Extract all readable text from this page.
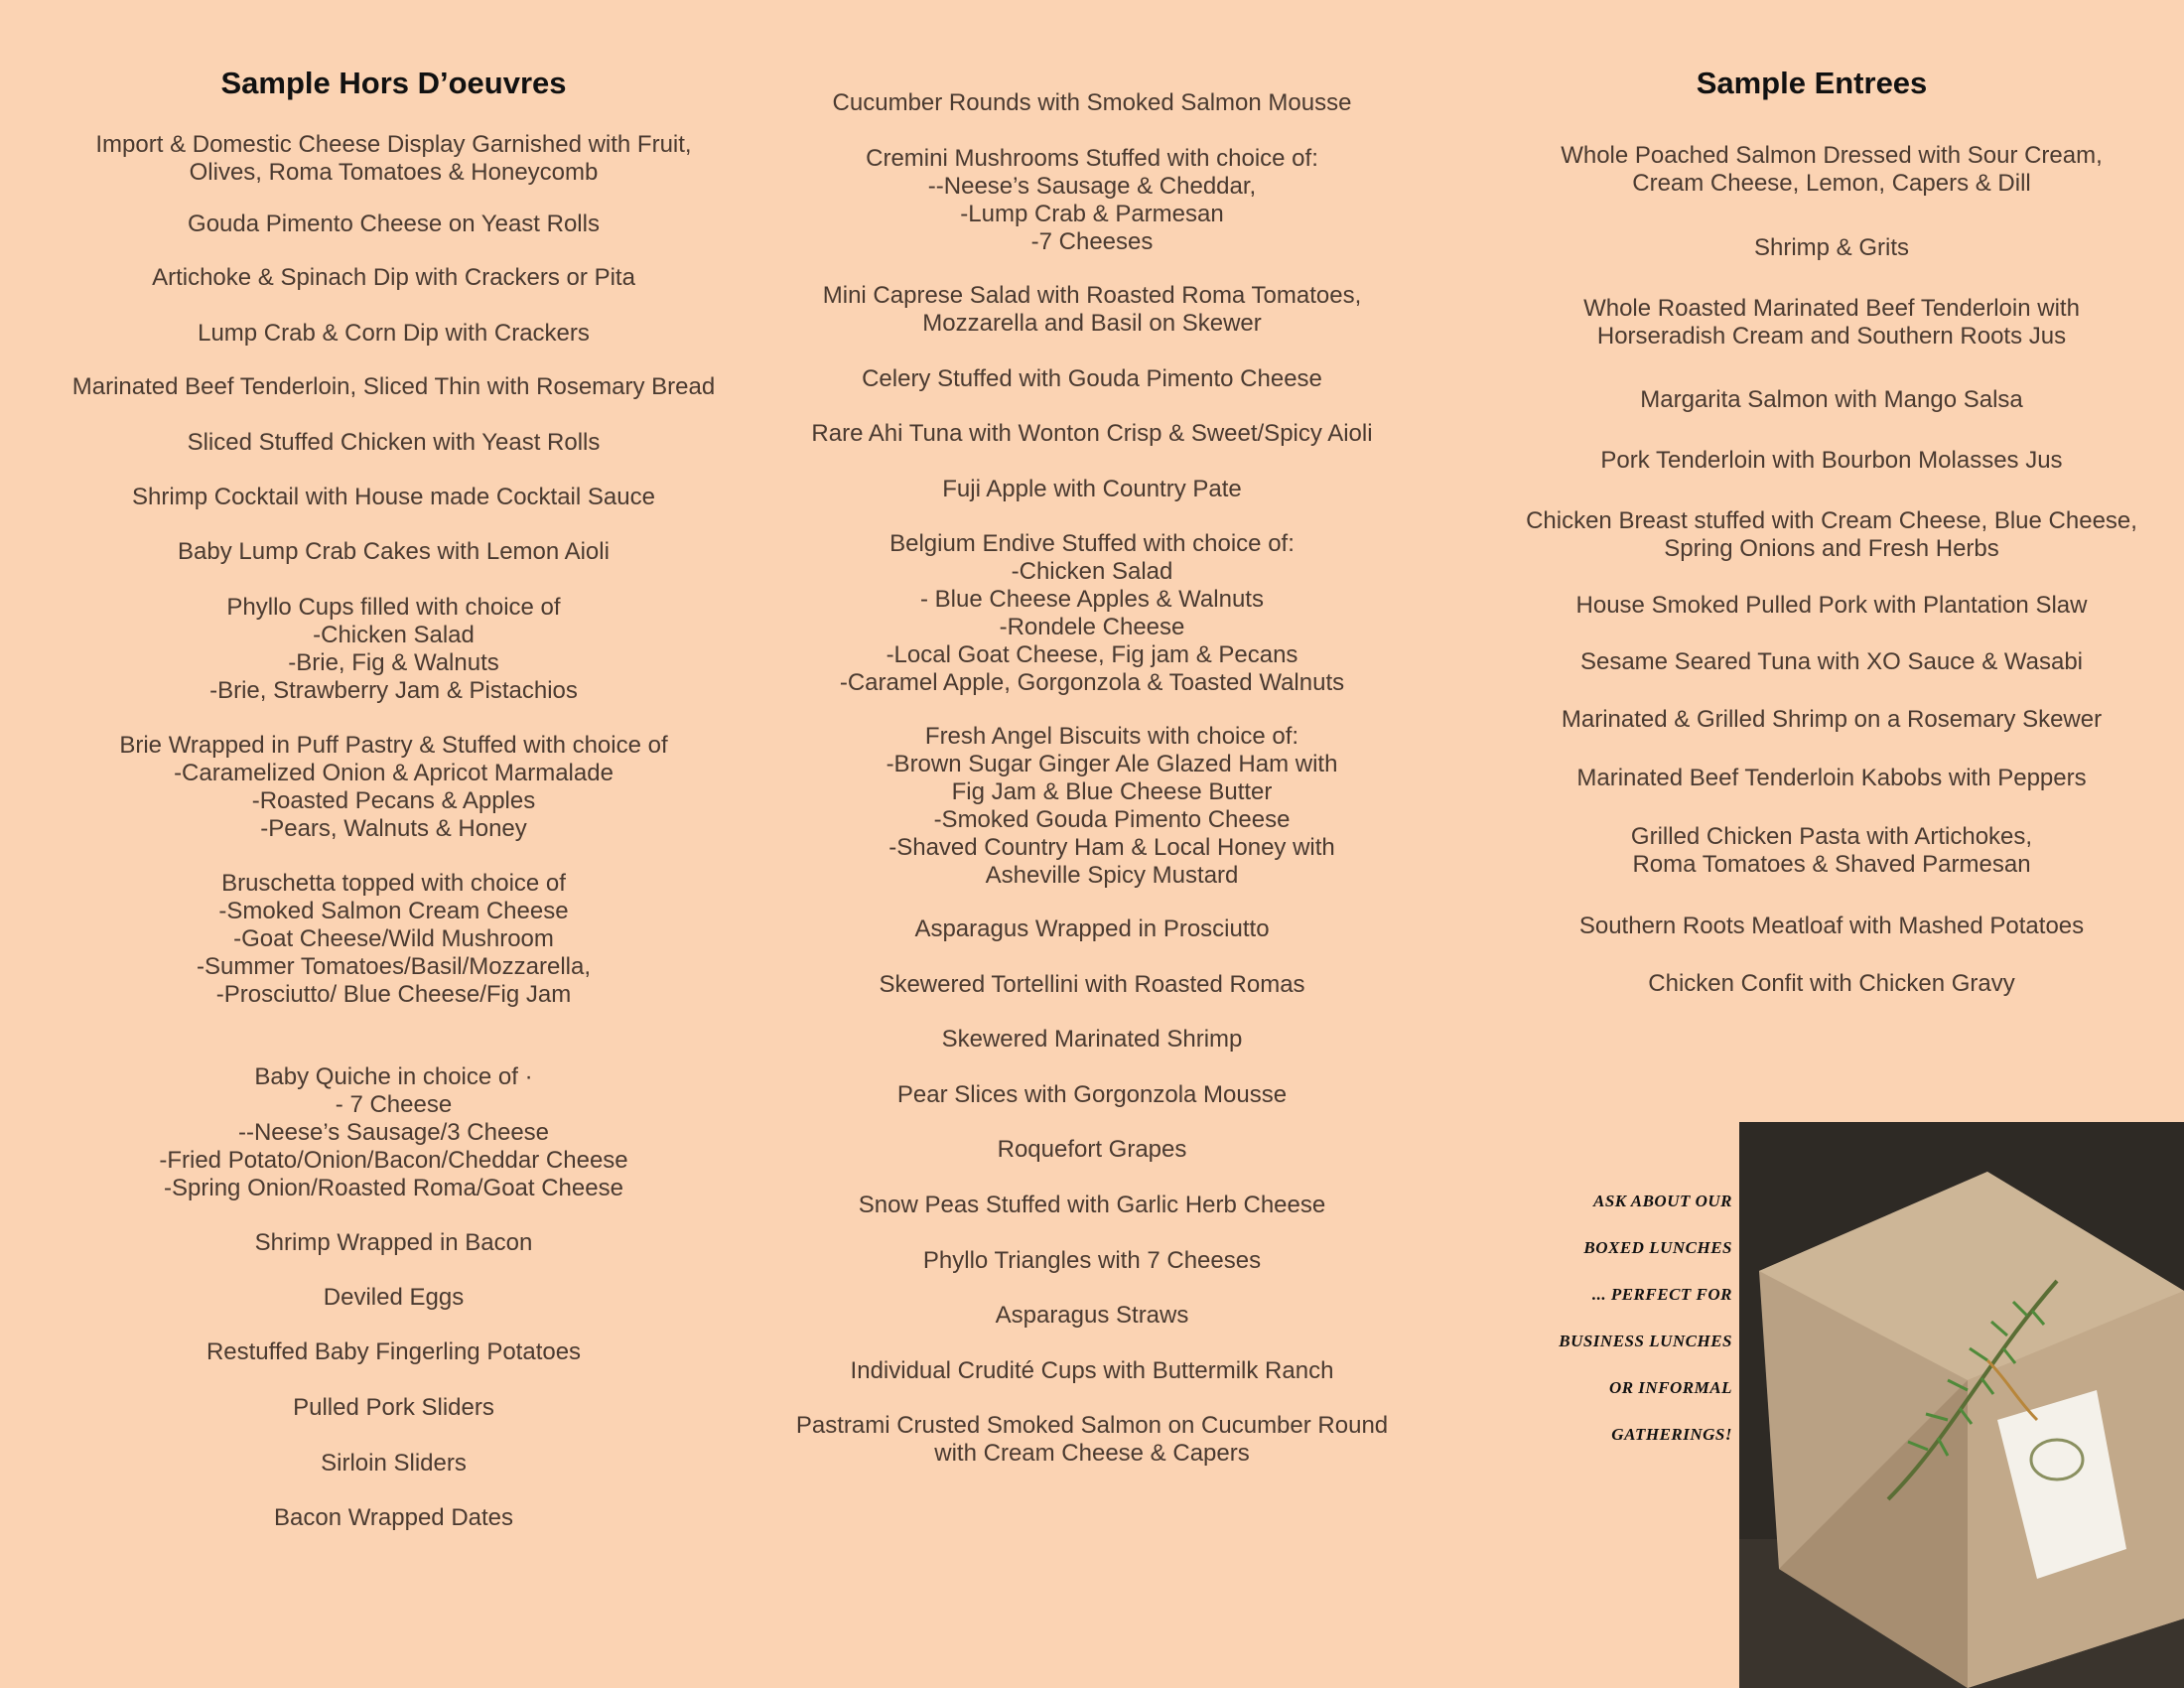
Sample Hors D’oeuvres
Import & Domestic Cheese Display Garnished with Fruit,
Olives, Roma Tomatoes & Honeycomb
Gouda Pimento Cheese on Yeast Rolls
Artichoke & Spinach Dip with Crackers or Pita
Lump Crab & Corn Dip with Crackers
Marinated Beef Tenderloin, Sliced Thin with Rosemary Bread
Sliced Stuffed Chicken with Yeast Rolls
Shrimp Cocktail with House made Cocktail Sauce
Baby Lump Crab Cakes with Lemon Aioli
Phyllo Cups filled with choice of
-Chicken Salad
-Brie, Fig & Walnuts
-Brie, Strawberry Jam & Pistachios
Brie Wrapped in Puff Pastry & Stuffed with choice of
-Caramelized Onion & Apricot Marmalade
-Roasted Pecans & Apples
-Pears, Walnuts & Honey
Bruschetta topped with choice of
-Smoked Salmon Cream Cheese
-Goat Cheese/Wild Mushroom
-Summer Tomatoes/Basil/Mozzarella,
-Prosciutto/ Blue Cheese/Fig Jam
Baby Quiche in choice of ·
- 7 Cheese
--Neese’s Sausage/3 Cheese
-Fried Potato/Onion/Bacon/Cheddar Cheese
-Spring Onion/Roasted Roma/Goat Cheese
Shrimp Wrapped in Bacon
Deviled Eggs
Restuffed Baby Fingerling Potatoes
Pulled Pork Sliders
Sirloin Sliders
Bacon Wrapped Dates
Cucumber Rounds with Smoked Salmon Mousse
Cremini Mushrooms Stuffed with choice of:
--Neese’s Sausage & Cheddar,
-Lump Crab & Parmesan
-7 Cheeses
Mini Caprese Salad with Roasted Roma Tomatoes,
Mozzarella and Basil on Skewer
Celery Stuffed with Gouda Pimento Cheese
Rare Ahi Tuna with Wonton Crisp & Sweet/Spicy Aioli
Fuji Apple with Country Pate
Belgium Endive Stuffed with choice of:
-Chicken Salad
- Blue Cheese Apples & Walnuts
-Rondele Cheese
-Local Goat Cheese, Fig jam & Pecans
-Caramel Apple, Gorgonzola & Toasted Walnuts
Fresh Angel Biscuits with choice of:
-Brown Sugar Ginger Ale Glazed Ham with
Fig Jam & Blue Cheese Butter
-Smoked Gouda Pimento Cheese
-Shaved Country Ham & Local Honey with
Asheville Spicy Mustard
Asparagus Wrapped in Prosciutto
Skewered Tortellini with Roasted Romas
Skewered Marinated Shrimp
Pear Slices with Gorgonzola Mousse
Roquefort Grapes
Snow Peas Stuffed with Garlic Herb Cheese
Phyllo Triangles with 7 Cheeses
Asparagus Straws
Individual Crudité Cups with Buttermilk Ranch
Pastrami Crusted Smoked Salmon on Cucumber Round
with Cream Cheese & Capers
Sample Entrees
Whole Poached Salmon Dressed with Sour Cream,
Cream Cheese, Lemon, Capers & Dill
Shrimp & Grits
Whole Roasted Marinated Beef Tenderloin with
Horseradish Cream and Southern Roots Jus
Margarita Salmon with Mango Salsa
Pork Tenderloin with Bourbon Molasses Jus
Chicken Breast stuffed with Cream Cheese, Blue Cheese,
Spring Onions and Fresh Herbs
House Smoked Pulled Pork with Plantation Slaw
Sesame Seared Tuna with XO Sauce & Wasabi
Marinated & Grilled Shrimp on a Rosemary Skewer
Marinated Beef Tenderloin Kabobs with Peppers
Grilled Chicken Pasta with Artichokes,
Roma Tomatoes & Shaved Parmesan
Southern Roots Meatloaf with Mashed Potatoes
Chicken Confit with Chicken Gravy
ASK ABOUT OUR
BOXED LUNCHES
... PERFECT FOR
BUSINESS LUNCHES
OR INFORMAL
GATHERINGS!
